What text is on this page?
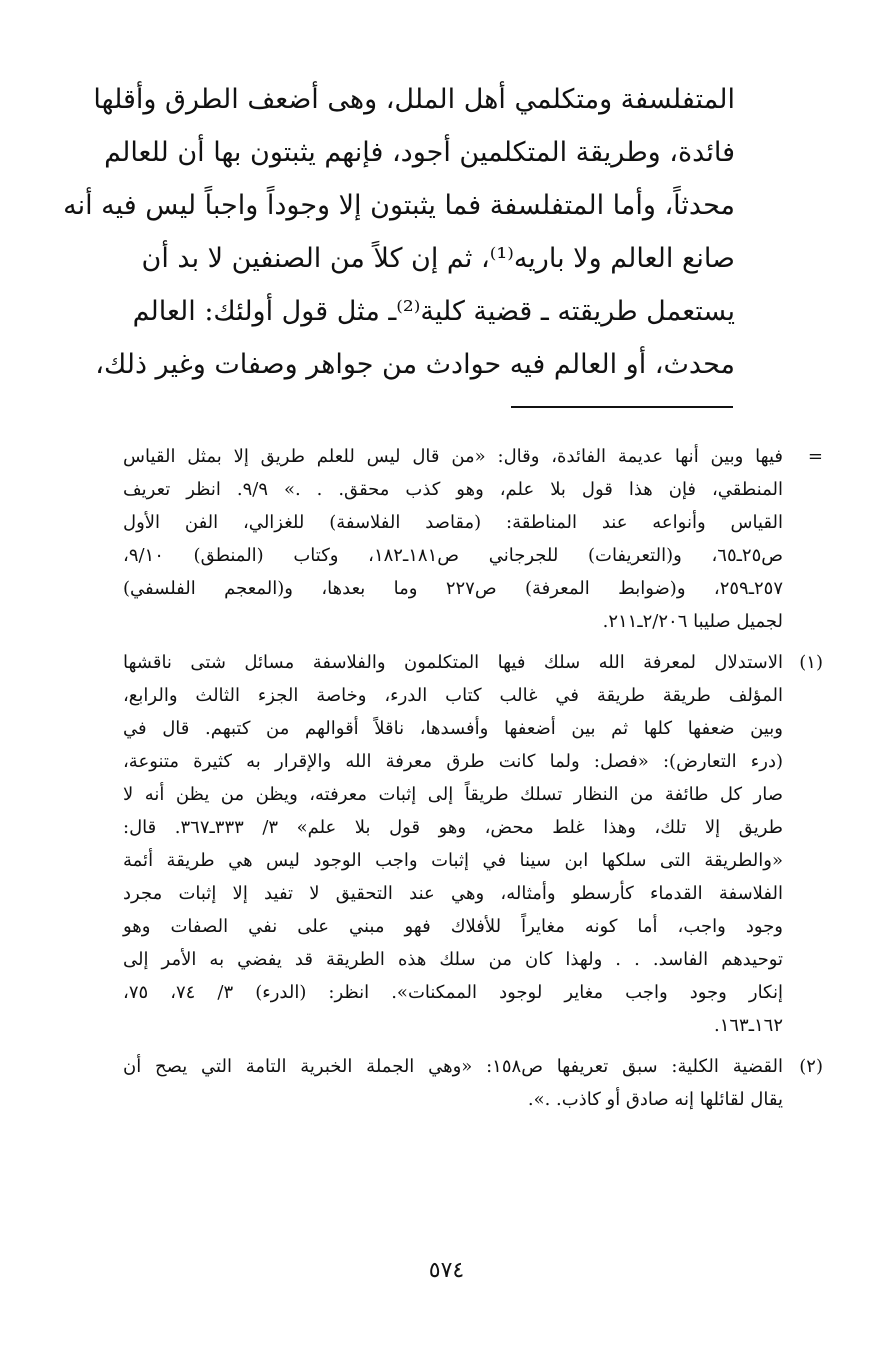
المتفلسفة ومتكلمي أهل الملل، وهى أضعف الطرق وأقلها
فائدة، وطريقة المتكلمين أجود، فإنهم يثبتون بها أن للعالم
محدثاً، وأما المتفلسفة فما يثبتون إلا وجوداً واجباً ليس فيه أنه
صانع العالم ولا باريه⁽¹⁾، ثم إن كلاً من الصنفين لا بد أن
يستعمل طريقته ـ قضية كلية⁽²⁾ـ مثل قول أولئك: العالم
محدث، أو العالم فيه حوادث من جواهر وصفات وغير ذلك،
=
فيها وبين أنها عديمة الفائدة، وقال: «من قال ليس للعلم طريق إلا بمثل القياس
المنطقي، فإن هذا قول بلا علم، وهو كذب محقق. . .» ٩/٩. انظر تعريف
القياس وأنواعه عند المناطقة: (مقاصد الفلاسفة) للغزالي، الفن الأول
ص٢٥ـ٦٥، و(التعريفات) للجرجاني ص١٨١ـ١٨٢، وكتاب (المنطق) ٩/١٠،
٢٥٧ـ٢٥٩، و(ضوابط المعرفة) ص٢٢٧ وما بعدها، و(المعجم الفلسفي)
لجميل صليبا ٢/٢٠٦ـ٢١١.
(١)
الاستدلال لمعرفة الله سلك فيها المتكلمون والفلاسفة مسائل شتى ناقشها
المؤلف طريقة طريقة في غالب كتاب الدرء، وخاصة الجزء الثالث والرابع،
وبين ضعفها كلها ثم بين أضعفها وأفسدها، ناقلاً أقوالهم من كتبهم. قال في
(درء التعارض): «فصل: ولما كانت طرق معرفة الله والإقرار به كثيرة متنوعة،
صار كل طائفة من النظار تسلك طريقاً إلى إثبات معرفته، ويظن من يظن أنه لا
طريق إلا تلك، وهذا غلط محض، وهو قول بلا علم» ٣/ ٣٣٣ـ٣٦٧. قال:
«والطريقة التى سلكها ابن سينا في إثبات واجب الوجود ليس هي طريقة أئمة
الفلاسفة القدماء كأرسطو وأمثاله، وهي عند التحقيق لا تفيد إلا إثبات مجرد
وجود واجب، أما كونه مغايراً للأفلاك فهو مبني على نفي الصفات وهو
توحيدهم الفاسد. . . ولهذا كان من سلك هذه الطريقة قد يفضي به الأمر إلى
إنكار وجود واجب مغاير لوجود الممكنات». انظر: (الدرء) ٣/ ٧٤، ٧٥،
١٦٢ـ١٦٣.
(٢)
القضية الكلية: سبق تعريفها ص١٥٨: «وهي الجملة الخبرية التامة التي يصح أن
يقال لقائلها إنه صادق أو كاذب. .».
٥٧٤
